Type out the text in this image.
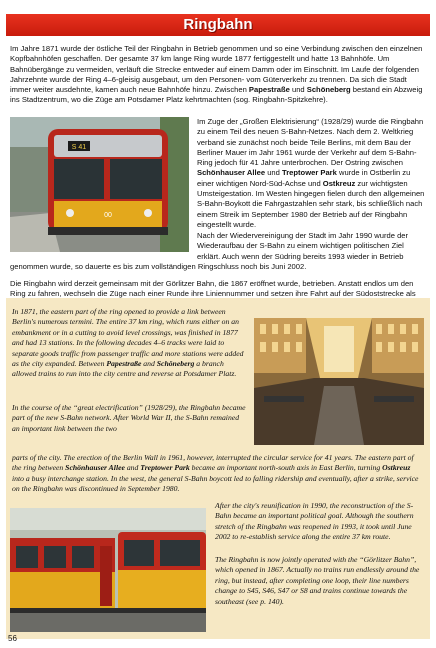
Ringbahn

Im Jahre 1871 wurde der östliche Teil der Ringbahn in Betrieb genommen und so eine Verbindung zwischen den einzelnen Kopfbahnhöfen geschaffen. Der gesamte 37 km lange Ring wurde 1877 fertiggestellt und hatte 13 Bahnhöfe. Um Bahnübergänge zu vermeiden, verläuft die Strecke entweder auf einem Damm oder im Einschnitt. Im Laufe der folgenden Jahrzehnte wurde der Ring 4–6-gleisig ausgebaut, um den Personen- vom Güterverkehr zu trennen. Da sich die Stadt immer weiter ausdehnte, kamen auch neue Bahnhöfe hinzu. Zwischen Papestraße und Schöneberg bestand ein Abzweig ins Stadtzentrum, wo die Züge am Potsdamer Platz kehrtmachten (sog. Ringbahn-Spitzkehre).

S 41
00

Im Zuge der „Großen Elektrisierung“ (1928/29) wurde die Ringbahn zu einem Teil des neuen S-Bahn-Netzes. Nach dem 2. Weltkrieg verband sie zunächst noch beide Teile Berlins, mit dem Bau der Berliner Mauer im Jahr 1961 wurde der Verkehr auf dem S-Bahn-Ring jedoch für 41 Jahre unterbrochen. Der Ostring zwischen Schönhauser Allee und Treptower Park wurde in Ostberlin zu einer wichtigen Nord-Süd-Achse und Ostkreuz zur wichtigsten Umsteigestation. Im Westen hingegen fielen durch den allgemeinen S-Bahn-Boykott die Fahrgastzahlen sehr stark, bis schließlich nach einem Streik im September 1980 der Betrieb auf der Ringbahn eingestellt wurde.

Nach der Wiedervereinigung der Stadt im Jahr 1990 wurde der Wiederaufbau der S-Bahn zu einem wichtigen politischen Ziel erklärt. Auch wenn der Südring bereits 1993 wieder in Betrieb

genommen wurde, so dauerte es bis zum vollständigen Ringschluss noch bis Juni 2002.

Die Ringbahn wird derzeit gemeinsam mit der Görlitzer Bahn, die 1867 eröffnet wurde, betrieben. Anstatt endlos um den Ring zu fahren, wechseln die Züge nach einer Runde ihre Liniennummer und setzen ihre Fahrt auf der Südoststrecke als

In 1871, the eastern part of the ring opened to provide a link between Berlin's numerous termini. The entire 37 km ring, which runs either on an embankment or in a cutting to avoid level crossings, was finished in 1877 and had 13 stations. In the following decades 4–6 tracks were laid to separate goods traffic from passenger traffic and more stations were added as the city expanded. Between Papestraße and Schöneberg a branch allowed trains to run into the city centre and reverse at Potsdamer Platz.

In the course of the “great electrification” (1928/29), the Ringbahn became part of the new S-Bahn network. After World War II, the S-Bahn remained an important link between the two

parts of the city. The erection of the Berlin Wall in 1961, however, interrupted the circular service for 41 years. The eastern part of the ring between Schönhauser Allee and Treptower Park became an important north-south axis in East Berlin, turning Ostkreuz into a busy interchange station. In the west, the general S-Bahn boycott led to falling ridership and eventually, after a strike, service on the Ringbahn was discontinued in September 1980.

After the city's reunification in 1990, the reconstruction of the S-Bahn became an important political goal. Although the southern stretch of the Ringbahn was reopened in 1993, it took until June 2002 to re-establish service along the entire 37 km route.

The Ringbahn is now jointly operated with the “Görlitzer Bahn”, which opened in 1867. Actually no trains run endlessly around the ring, but instead, after completing one loop, their line numbers change to S45, S46, S47 or S8 and trains continue towards the southeast (see p. 140).

56
